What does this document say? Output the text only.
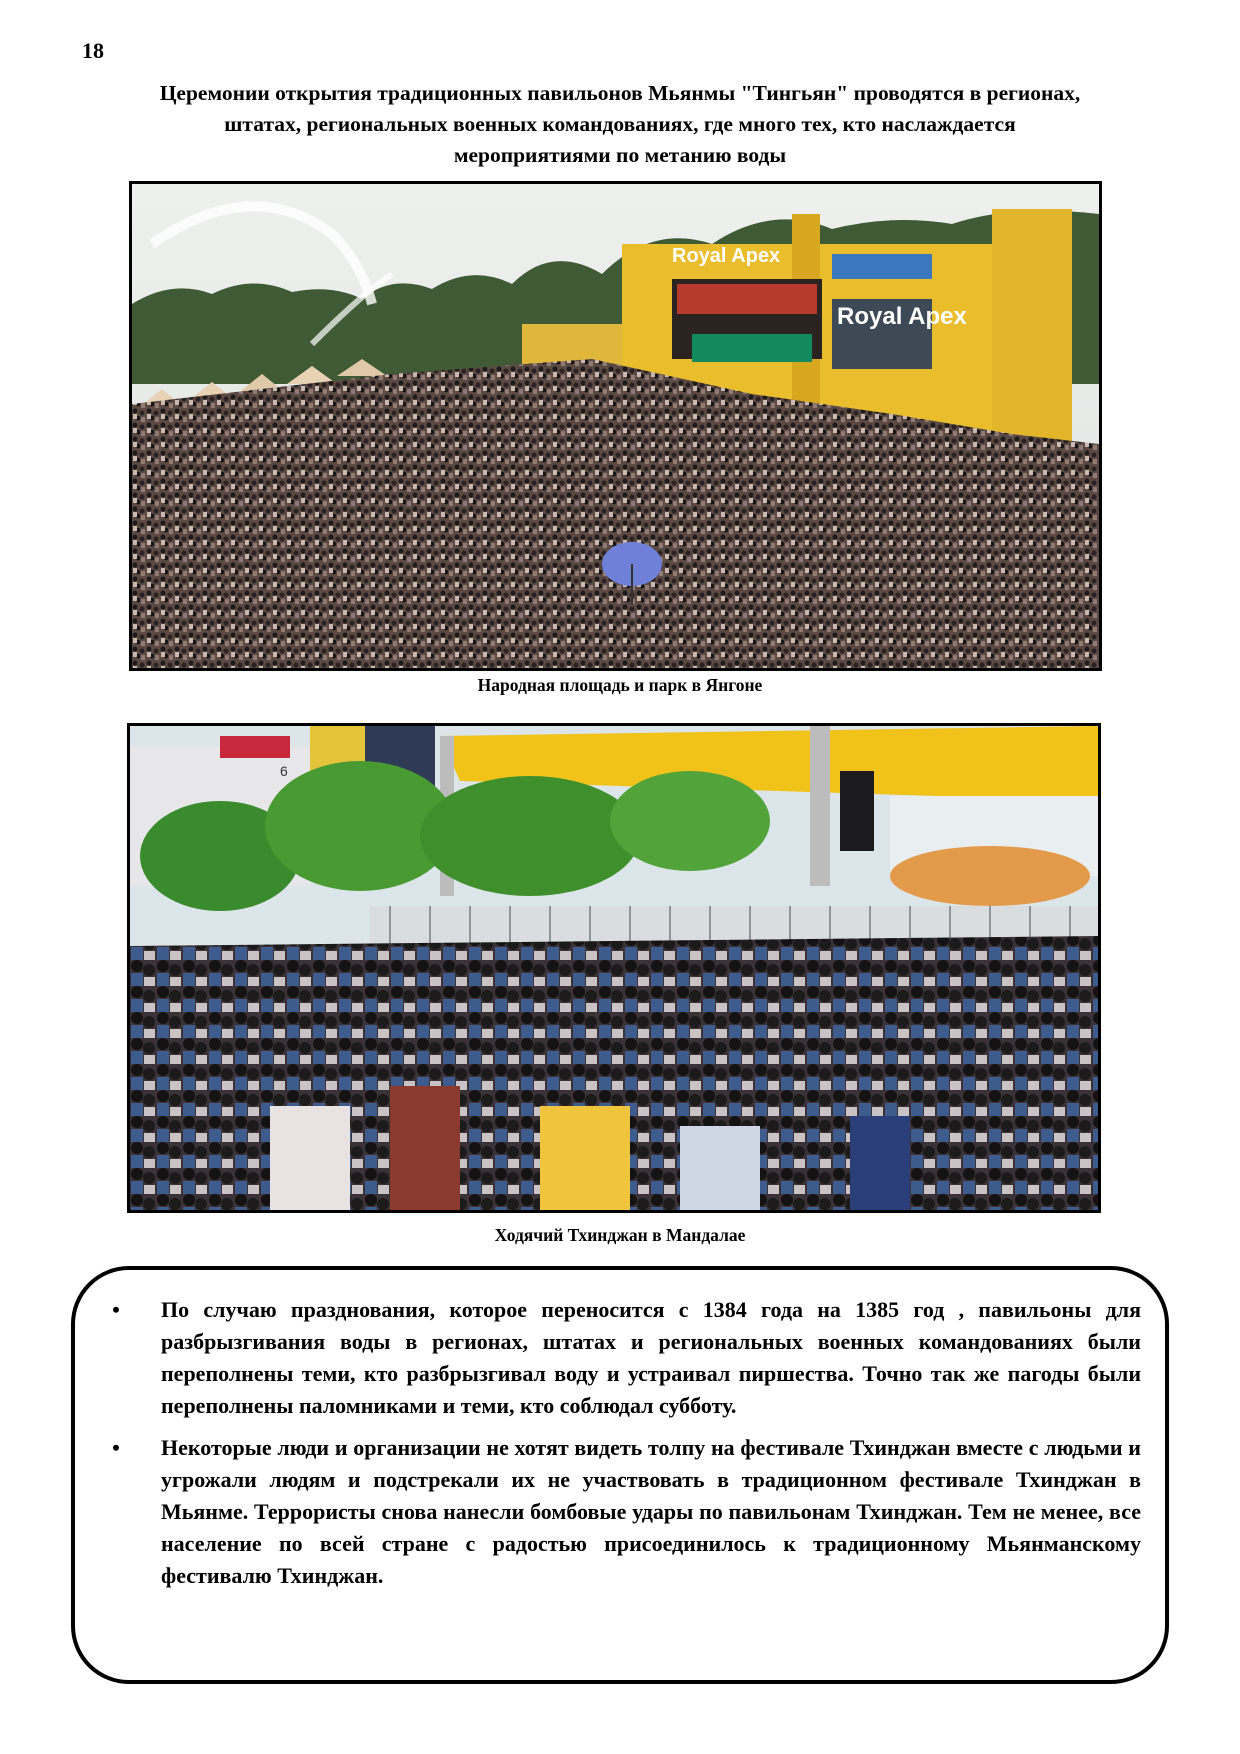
18
Церемонии открытия традиционных павильонов Мьянмы "Тингьян" проводятся в регионах,
штатах, региональных военных командованиях, где много тех, кто наслаждается
мероприятиями по метанию воды
Royal Apex
Royal Apex
Народная площадь и парк в Янгоне
6
Ходячий Тхинджан в Мандалае
•	По случаю празднования, которое переносится с 1384 года на 1385 год , павильоны для разбрызгивания воды в регионах, штатах и региональных военных командованиях были переполнены теми, кто разбрызгивал воду и устраивал пиршества. Точно так же пагоды были переполнены паломниками и теми, кто соблюдал субботу.
•	Некоторые люди и организации не хотят видеть толпу на фестивале Тхинджан вместе с людьми и угрожали людям и подстрекали их не участвовать в традиционном фестивале Тхинджан в Мьянме. Террористы снова нанесли бомбовые удары по павильонам Тхинджан. Тем не менее, все население по всей стране с радостью присоединилось к традиционному Мьянманскому фестивалю Тхинджан.
